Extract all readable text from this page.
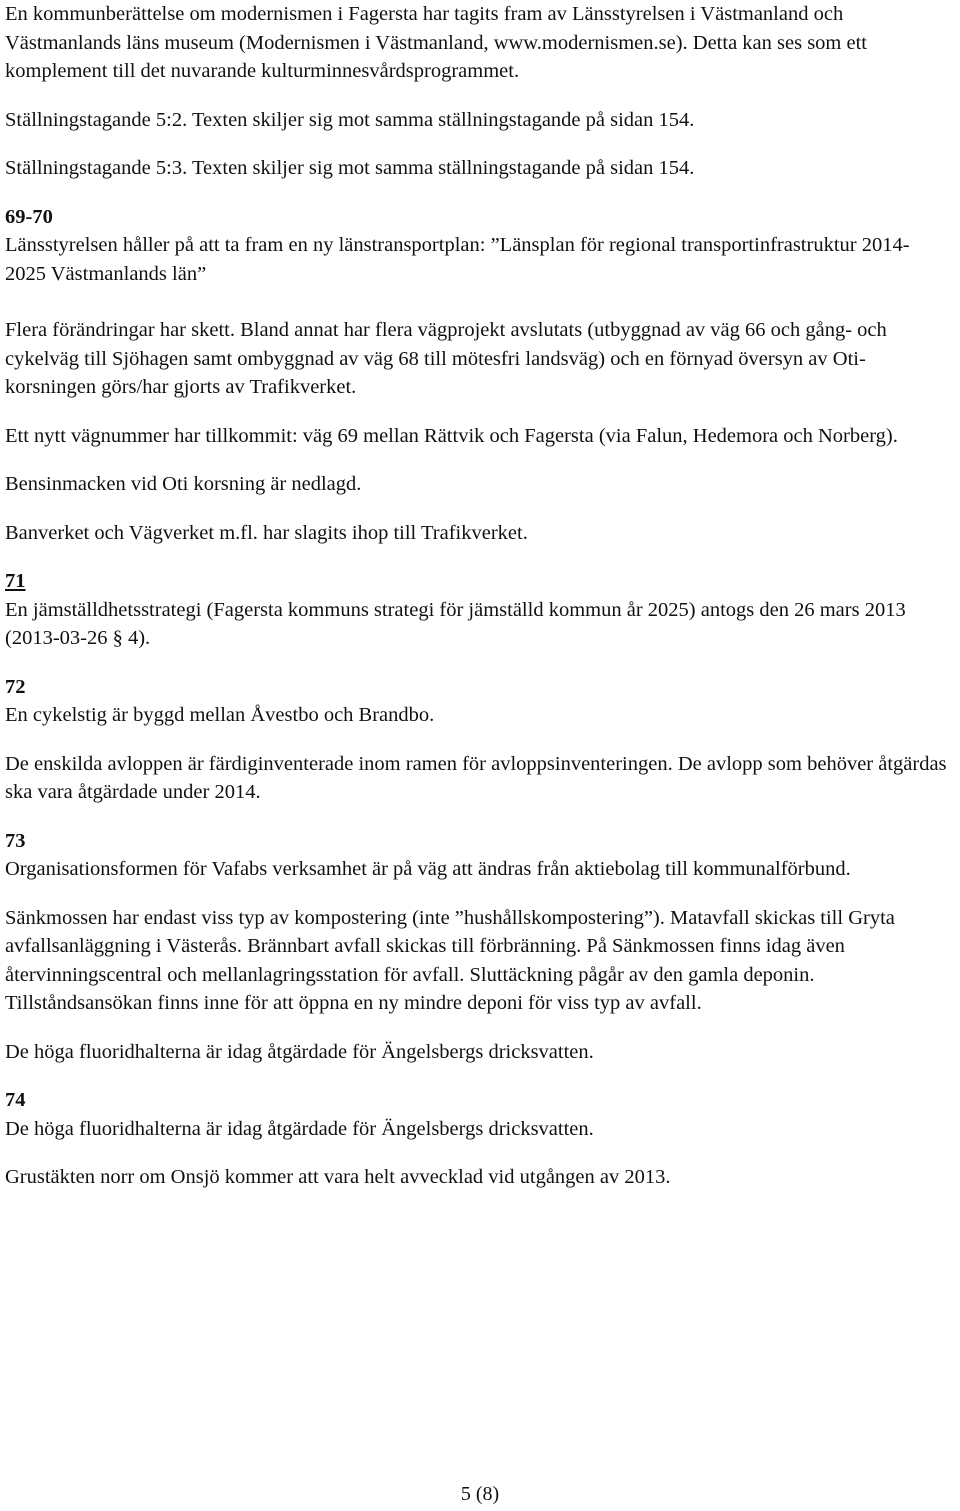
En kommunberättelse om modernismen i Fagersta har tagits fram av Länsstyrelsen i Västmanland och Västmanlands läns museum (Modernismen i Västmanland, www.modernismen.se). Detta kan ses som ett komplement till det nuvarande kulturminnesvårdsprogrammet.

Ställningstagande 5:2. Texten skiljer sig mot samma ställningstagande på sidan 154.

Ställningstagande 5:3. Texten skiljer sig mot samma ställningstagande på sidan 154.

69-70

Länsstyrelsen håller på att ta fram en ny länstransportplan: ”Länsplan för regional transportinfrastruktur 2014-2025 Västmanlands län”

Flera förändringar har skett. Bland annat har flera vägprojekt avslutats (utbyggnad av väg 66 och gång- och cykelväg till Sjöhagen samt ombyggnad av väg 68 till mötesfri landsväg) och en förnyad översyn av Oti-korsningen görs/har gjorts av Trafikverket.

Ett nytt vägnummer har tillkommit: väg 69 mellan Rättvik och Fagersta (via Falun, Hedemora och Norberg).

Bensinmacken vid Oti korsning är nedlagd.

Banverket och Vägverket m.fl. har slagits ihop till Trafikverket.

71

En jämställdhetsstrategi (Fagersta kommuns strategi för jämställd kommun år 2025) antogs den 26 mars 2013 (2013-03-26 § 4).

72

En cykelstig är byggd mellan Åvestbo och Brandbo.

De enskilda avloppen är färdiginventerade inom ramen för avloppsinventeringen. De avlopp som behöver åtgärdas ska vara åtgärdade under 2014.

73

Organisationsformen för Vafabs verksamhet är på väg att ändras från aktiebolag till kommunalförbund.

Sänkmossen har endast viss typ av kompostering (inte ”hushållskompostering”). Matavfall skickas till Gryta avfallsanläggning i Västerås. Brännbart avfall skickas till förbränning. På Sänkmossen finns idag även återvinningscentral och mellanlagringsstation för avfall. Sluttäckning pågår av den gamla deponin. Tillståndsansökan finns inne för att öppna en ny mindre deponi för viss typ av avfall.

De höga fluoridhalterna är idag åtgärdade för Ängelsbergs dricksvatten.

74

De höga fluoridhalterna är idag åtgärdade för Ängelsbergs dricksvatten.

Grustäkten norr om Onsjö kommer att vara helt avvecklad vid utgången av 2013.

5 (8)
